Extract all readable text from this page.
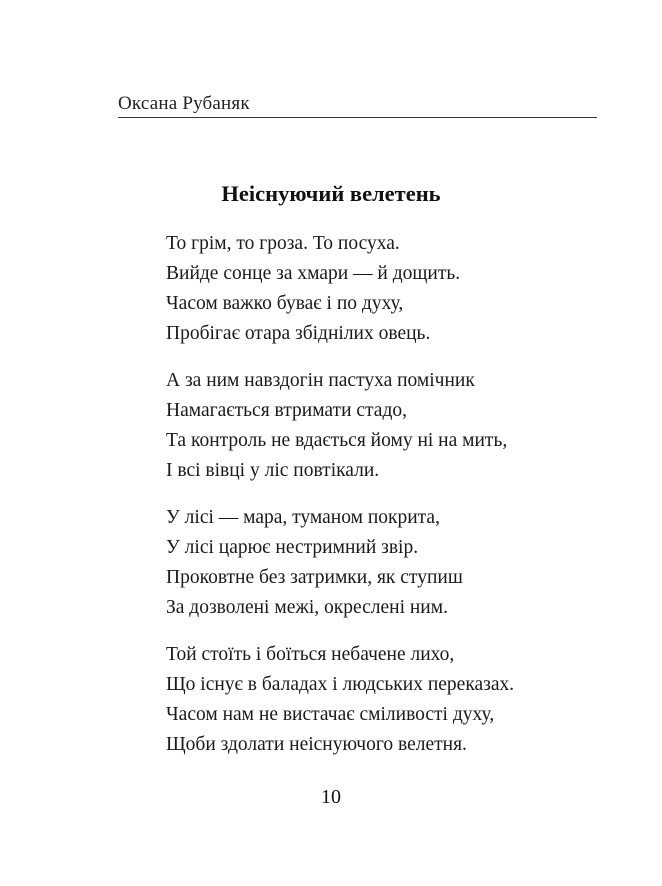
Оксана Рубаняк
Неіснуючий велетень
То грім, то гроза. То посуха.
Вийде сонце за хмари — й дощить.
Часом важко буває і по духу,
Пробігає отара збіднілих овець.
А за ним навздогін пастуха помічник
Намагається втримати стадо,
Та контроль не вдається йому ні на мить,
І всі вівці у ліс повтікали.
У лісі — мара, туманом покрита,
У лісі царює нестримний звір.
Проковтне без затримки, як ступиш
За дозволені межі, окреслені ним.
Той стоїть і боїться небачене лихо,
Що існує в баладах і людських переказах.
Часом нам не вистачає сміливості духу,
Щоби здолати неіснуючого велетня.
10
